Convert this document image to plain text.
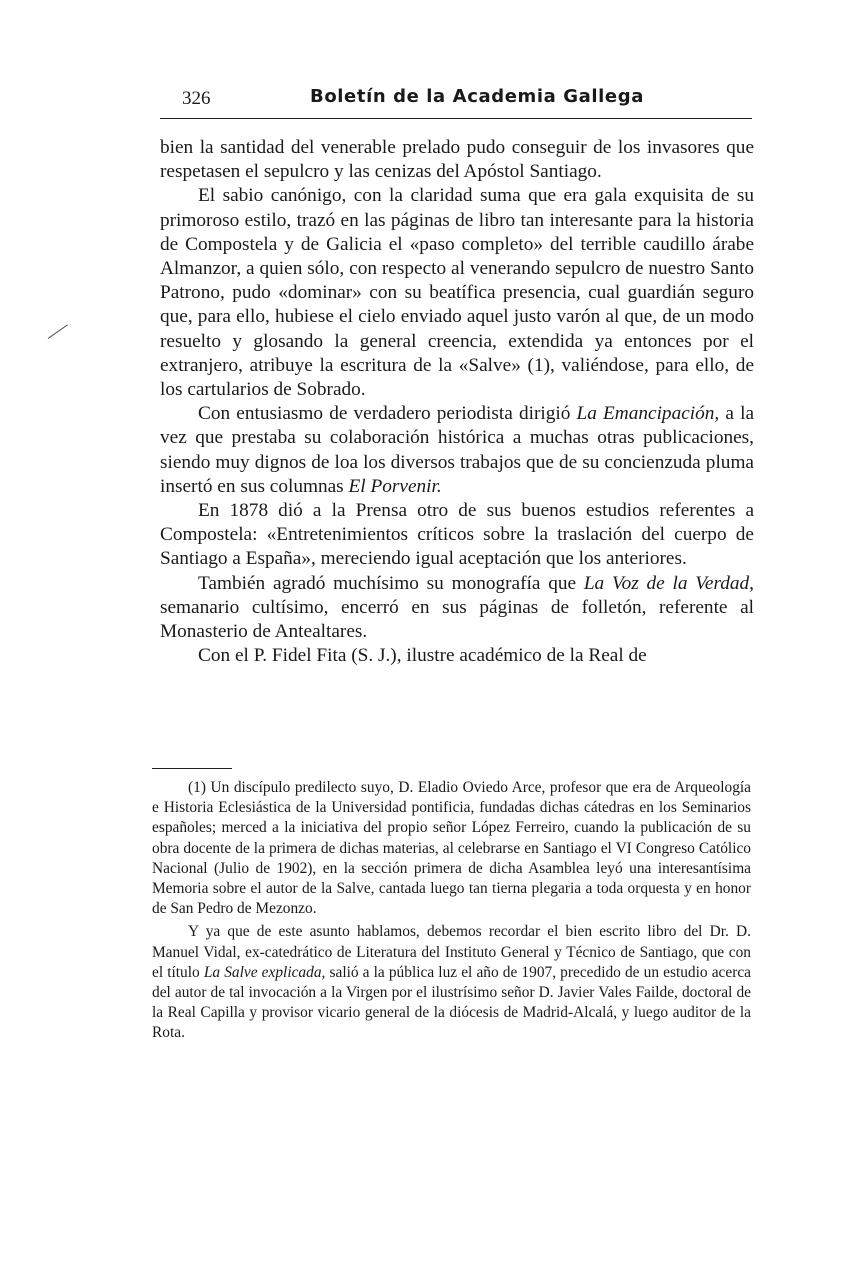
326	Boletín de la Academia Gallega

bien la santidad del venerable prelado pudo conseguir de los invasores que respetasen el sepulcro y las cenizas del Apóstol Santiago.

El sabio canónigo, con la claridad suma que era gala exquisita de su primoroso estilo, trazó en las páginas de libro tan interesante para la historia de Compostela y de Galicia el «paso completo» del terrible caudillo árabe Almanzor, a quien sólo, con respecto al venerando sepulcro de nuestro Santo Patrono, pudo «dominar» con su beatífica presencia, cual guardián seguro que, para ello, hubiese el cielo enviado aquel justo varón al que, de un modo resuelto y glosando la general creencia, extendida ya entonces por el extranjero, atribuye la escritura de la «Salve» (1), valiéndose, para ello, de los cartularios de Sobrado.

Con entusiasmo de verdadero periodista dirigió La Emancipación, a la vez que prestaba su colaboración histórica a muchas otras publicaciones, siendo muy dignos de loa los diversos trabajos que de su concienzuda pluma insertó en sus columnas El Porvenir.

En 1878 dió a la Prensa otro de sus buenos estudios referentes a Compostela: «Entretenimientos críticos sobre la traslación del cuerpo de Santiago a España», mereciendo igual aceptación que los anteriores.

También agradó muchísimo su monografía que La Voz de la Verdad, semanario cultísimo, encerró en sus páginas de folletón, referente al Monasterio de Antealtares.

Con el P. Fidel Fita (S. J.), ilustre académico de la Real de

(1) Un discípulo predilecto suyo, D. Eladio Oviedo Arce, profesor que era de Arqueología e Historia Eclesiástica de la Universidad pontificia, fundadas dichas cátedras en los Seminarios españoles; merced a la iniciativa del propio señor López Ferreiro, cuando la publicación de su obra docente de la primera de dichas materias, al celebrarse en Santiago el VI Congreso Católico Nacional (Julio de 1902), en la sección primera de dicha Asamblea leyó una interesantísima Memoria sobre el autor de la Salve, cantada luego tan tierna plegaria a toda orquesta y en honor de San Pedro de Mezonzo.

Y ya que de este asunto hablamos, debemos recordar el bien escrito libro del Dr. D. Manuel Vidal, ex-catedrático de Literatura del Instituto General y Técnico de Santiago, que con el título La Salve explicada, salió a la pública luz el año de 1907, precedido de un estudio acerca del autor de tal invocación a la Virgen por el ilustrísimo señor D. Javier Vales Failde, doctoral de la Real Capilla y provisor vicario general de la diócesis de Madrid-Alcalá, y luego auditor de la Rota.
